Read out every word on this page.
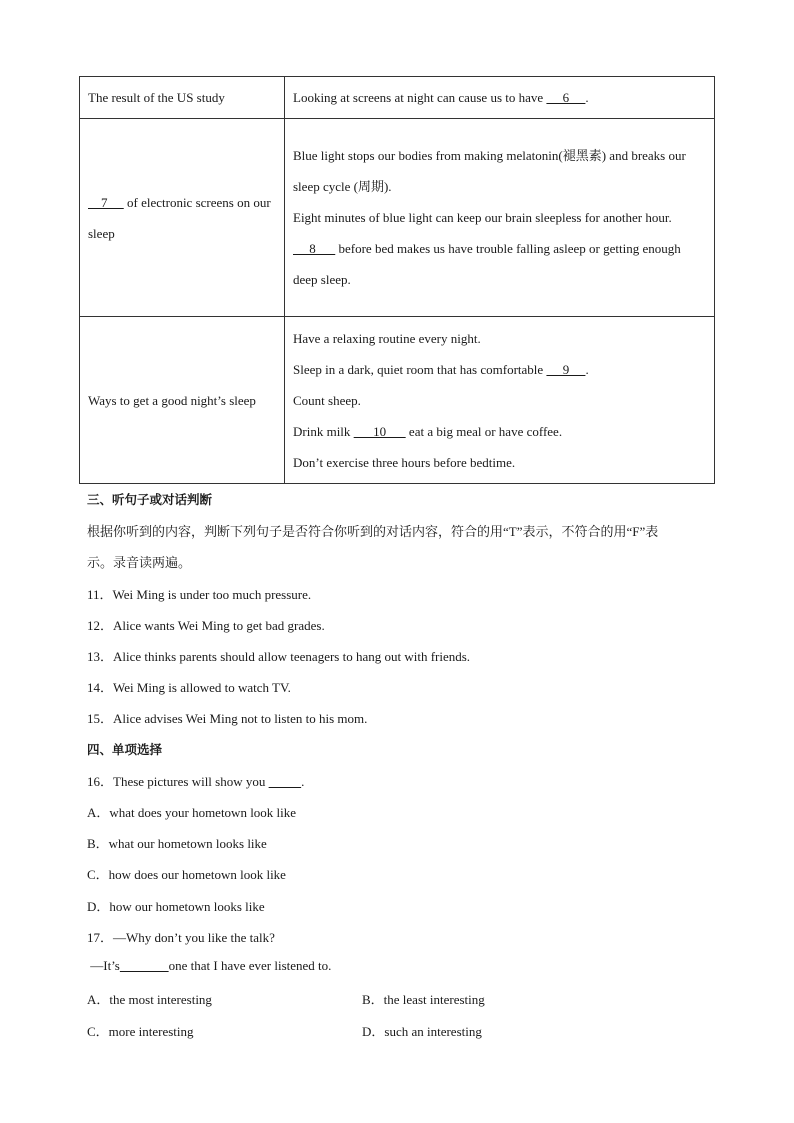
The result of the US study	Looking at screens at night can cause us to have      6     .

7      of electronic screens on our sleep	Blue light stops our bodies from making melatonin(褪黑素) and breaks our sleep cycle (周期).
Eight minutes of blue light can keep our brain sleepless for another hour.
8       before bed makes us have trouble falling asleep or getting enough deep sleep.

Ways to get a good night’s sleep	Have a relaxing routine every night.
Sleep in a dark, quiet room that has comfortable      9     .
Count sheep.
Drink milk       10       eat a big meal or have coffee.
Don’t exercise three hours before bedtime.
三、听句子或对话判断
根据你听到的内容，判断下列句子是否符合你听到的对话内容，符合的用“T”表示，不符合的用“F”表
示。录音读两遍。
11．Wei Ming is under too much pressure.
12．Alice wants Wei Ming to get bad grades.
13．Alice thinks parents should allow teenagers to hang out with friends.
14．Wei Ming is allowed to watch TV.
15．Alice advises Wei Ming not to listen to his mom.
四、单项选择
16．These pictures will show you	.
A．what does your hometown look like
B．what our hometown looks like
C．how does our hometown look like
D．how our hometown looks like
17．—Why don’t you like the talk?
—It’s	one that I have ever listened to.
A．the most interesting	B．the least interesting
C．more interesting	D．such an interesting
